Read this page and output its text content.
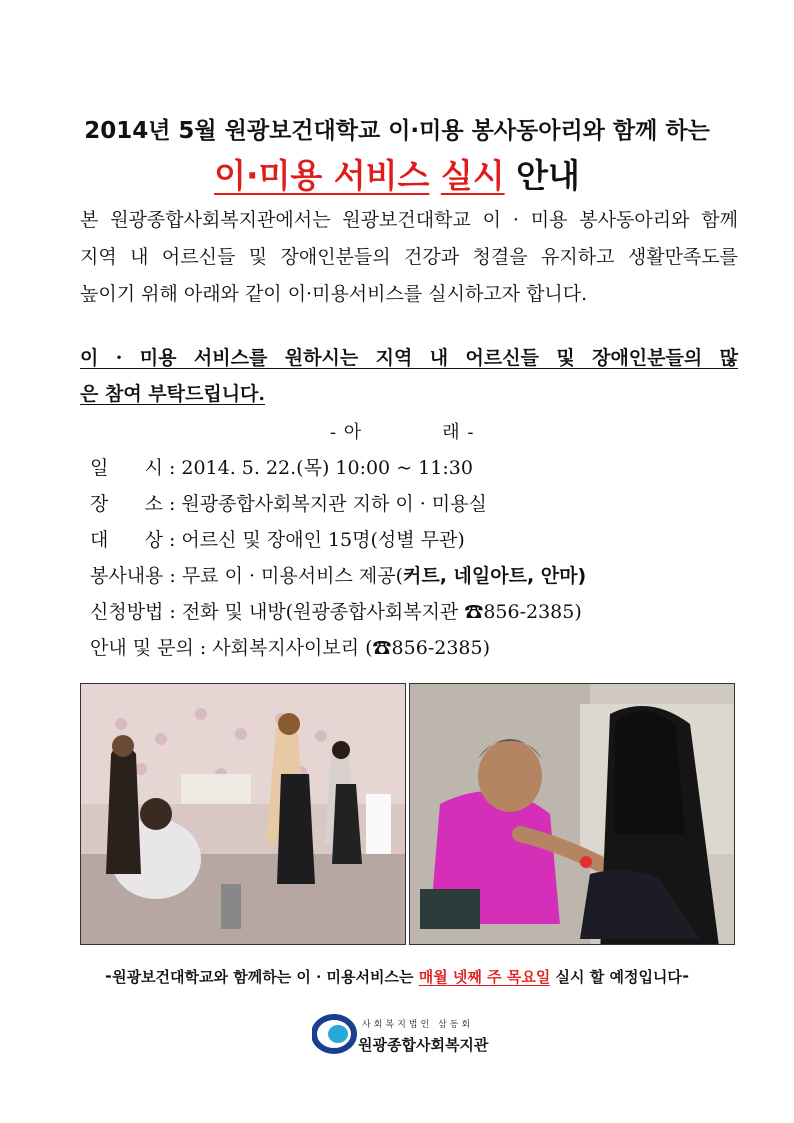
2014년 5월 원광보건대학교 이·미용 봉사동아리와 함께 하는
이·미용 서비스 실시 안내
본 원광종합사회복지관에서는 원광보건대학교 이 · 미용 봉사동아리와 함께
지역 내 어르신들 및 장애인분들의 건강과 청결을 유지하고 생활만족도를
높이기 위해 아래와 같이 이·미용서비스를 실시하고자 합니다.
이 · 미용 서비스를 원하시는 지역 내 어르신들 및 장애인분들의 많
은 참여 부탁드립니다.
- 아	래 -
일      시 : 2014. 5. 22.(목) 10:00 ~ 11:30
장      소 : 원광종합사회복지관 지하 이 · 미용실
대      상 : 어르신 및 장애인 15명(성별 무관)
봉사내용 : 무료 이 · 미용서비스 제공(커트, 네일아트, 안마)
신청방법 : 전화 및 내방(원광종합사회복지관 ☎856-2385)
안내 및 문의 : 사회복지사이보리 (☎856-2385)
⁃원광보건대학교와 함께하는 이 · 미용서비스는 매월 넷째 주 목요일 실시 할 예정입니다⁃
사회복지법인 삼동회
원광종합사회복지관
